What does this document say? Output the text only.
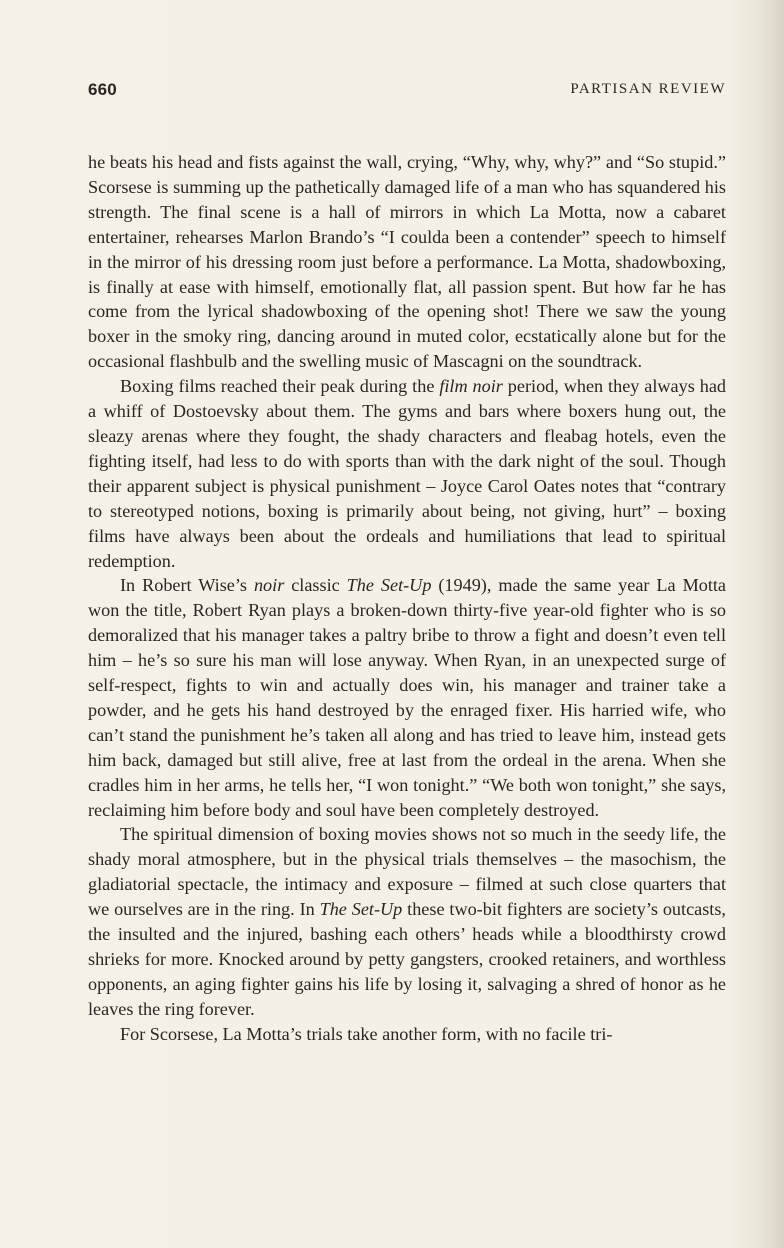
660	PARTISAN REVIEW

he beats his head and fists against the wall, crying, “Why, why, why?” and “So stupid.” Scorsese is summing up the pathetically damaged life of a man who has squandered his strength. The final scene is a hall of mirrors in which La Motta, now a cabaret entertainer, rehearses Marlon Brando’s “I coulda been a contender” speech to himself in the mirror of his dressing room just before a performance. La Motta, shadowboxing, is finally at ease with himself, emotionally flat, all passion spent. But how far he has come from the lyrical shadowboxing of the opening shot! There we saw the young boxer in the smoky ring, dancing around in muted color, ecstatically alone but for the occasional flashbulb and the swelling music of Mascagni on the soundtrack.

Boxing films reached their peak during the film noir period, when they always had a whiff of Dostoevsky about them. The gyms and bars where boxers hung out, the sleazy arenas where they fought, the shady characters and fleabag hotels, even the fighting itself, had less to do with sports than with the dark night of the soul. Though their apparent subject is physical punishment – Joyce Carol Oates notes that “contrary to stereotyped notions, boxing is primarily about being, not giving, hurt” – boxing films have always been about the ordeals and humiliations that lead to spiritual redemption.

In Robert Wise’s noir classic The Set-Up (1949), made the same year La Motta won the title, Robert Ryan plays a broken-down thirty-five year-old fighter who is so demoralized that his manager takes a paltry bribe to throw a fight and doesn’t even tell him – he’s so sure his man will lose anyway. When Ryan, in an unexpected surge of self-respect, fights to win and actually does win, his manager and trainer take a powder, and he gets his hand destroyed by the enraged fixer. His harried wife, who can’t stand the punishment he’s taken all along and has tried to leave him, instead gets him back, damaged but still alive, free at last from the ordeal in the arena. When she cradles him in her arms, he tells her, “I won tonight.” “We both won tonight,” she says, reclaiming him before body and soul have been completely destroyed.

The spiritual dimension of boxing movies shows not so much in the seedy life, the shady moral atmosphere, but in the physical trials themselves – the masochism, the gladiatorial spectacle, the intimacy and exposure – filmed at such close quarters that we ourselves are in the ring. In The Set-Up these two-bit fighters are society’s outcasts, the insulted and the injured, bashing each others’ heads while a bloodthirsty crowd shrieks for more. Knocked around by petty gangsters, crooked retainers, and worthless opponents, an aging fighter gains his life by losing it, salvaging a shred of honor as he leaves the ring forever.

For Scorsese, La Motta’s trials take another form, with no facile tri-
